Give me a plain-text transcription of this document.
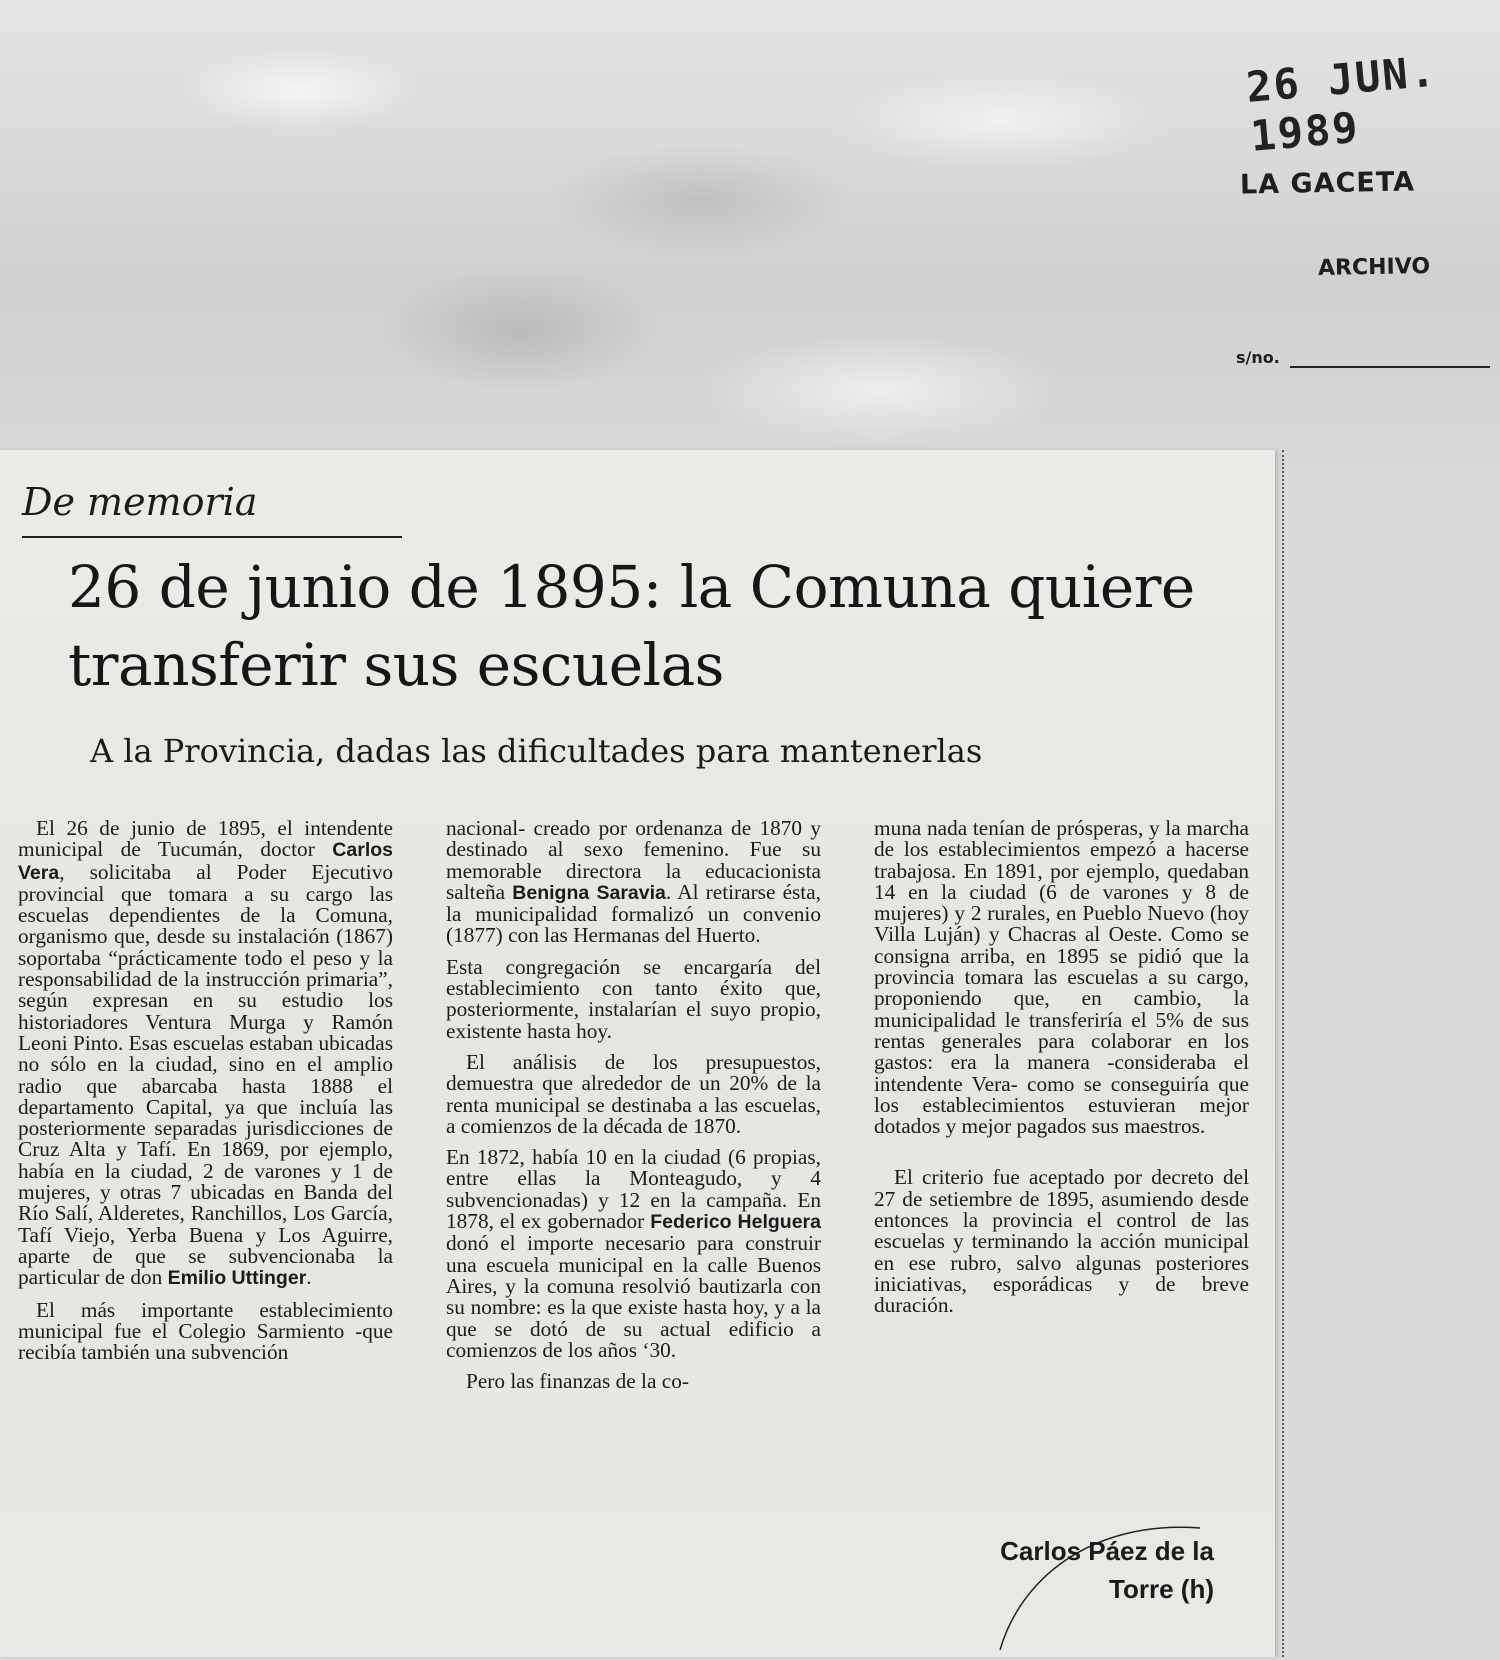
26 JUN. 1989
LA GACETA
ARCHIVO
s/no.
De memoria
26 de junio de 1895: la Comuna quiere transferir sus escuelas
A la Provincia, dadas las dificultades para mantenerlas

El 26 de junio de 1895, el intendente municipal de Tucumán, doctor Carlos Vera, solicitaba al Poder Ejecutivo provincial que tomara a su cargo las escuelas dependientes de la Comuna, organismo que, desde su instalación (1867) soportaba “prácticamente todo el peso y la responsabilidad de la instrucción primaria”, según expresan en su estudio los historiadores Ventura Murga y Ramón Leoni Pinto. Esas escuelas estaban ubicadas no sólo en la ciudad, sino en el amplio radio que abarcaba hasta 1888 el departamento Capital, ya que incluía las posteriormente separadas jurisdicciones de Cruz Alta y Tafí. En 1869, por ejemplo, había en la ciudad, 2 de varones y 1 de mujeres, y otras 7 ubicadas en Banda del Río Salí, Alderetes, Ranchillos, Los García, Tafí Viejo, Yerba Buena y Los Aguirre, aparte de que se subvencionaba la particular de don Emilio Uttinger.

El más importante establecimiento municipal fue el Colegio Sarmiento -que recibía también una subvención

nacional- creado por ordenanza de 1870 y destinado al sexo femenino. Fue su memorable directora la educacionista salteña Benigna Saravia. Al retirarse ésta, la municipalidad formalizó un convenio (1877) con las Hermanas del Huerto.

Esta congregación se encargaría del establecimiento con tanto éxito que, posteriormente, instalarían el suyo propio, existente hasta hoy.

El análisis de los presupuestos, demuestra que alrededor de un 20% de la renta municipal se destinaba a las escuelas, a comienzos de la década de 1870.

En 1872, había 10 en la ciudad (6 propias, entre ellas la Monteagudo, y 4 subvencionadas) y 12 en la campaña. En 1878, el ex gobernador Federico Helguera donó el importe necesario para construir una escuela municipal en la calle Buenos Aires, y la comuna resolvió bautizarla con su nombre: es la que existe hasta hoy, y a la que se dotó de su actual edificio a comienzos de los años ‘30.

Pero las finanzas de la co-

muna nada tenían de prósperas, y la marcha de los establecimientos empezó a hacerse trabajosa. En 1891, por ejemplo, quedaban 14 en la ciudad (6 de varones y 8 de mujeres) y 2 rurales, en Pueblo Nuevo (hoy Villa Luján) y Chacras al Oeste. Como se consigna arriba, en 1895 se pidió que la provincia tomara las escuelas a su cargo, proponiendo que, en cambio, la municipalidad le transferiría el 5% de sus rentas generales para colaborar en los gastos: era la manera -consideraba el intendente Vera- como se conseguiría que los establecimientos estuvieran mejor dotados y mejor pagados sus maestros.

El criterio fue aceptado por decreto del 27 de setiembre de 1895, asumiendo desde entonces la provincia el control de las escuelas y terminando la acción municipal en ese rubro, salvo algunas posteriores iniciativas, esporádicas y de breve duración.

Carlos Páez de la
Torre (h)
